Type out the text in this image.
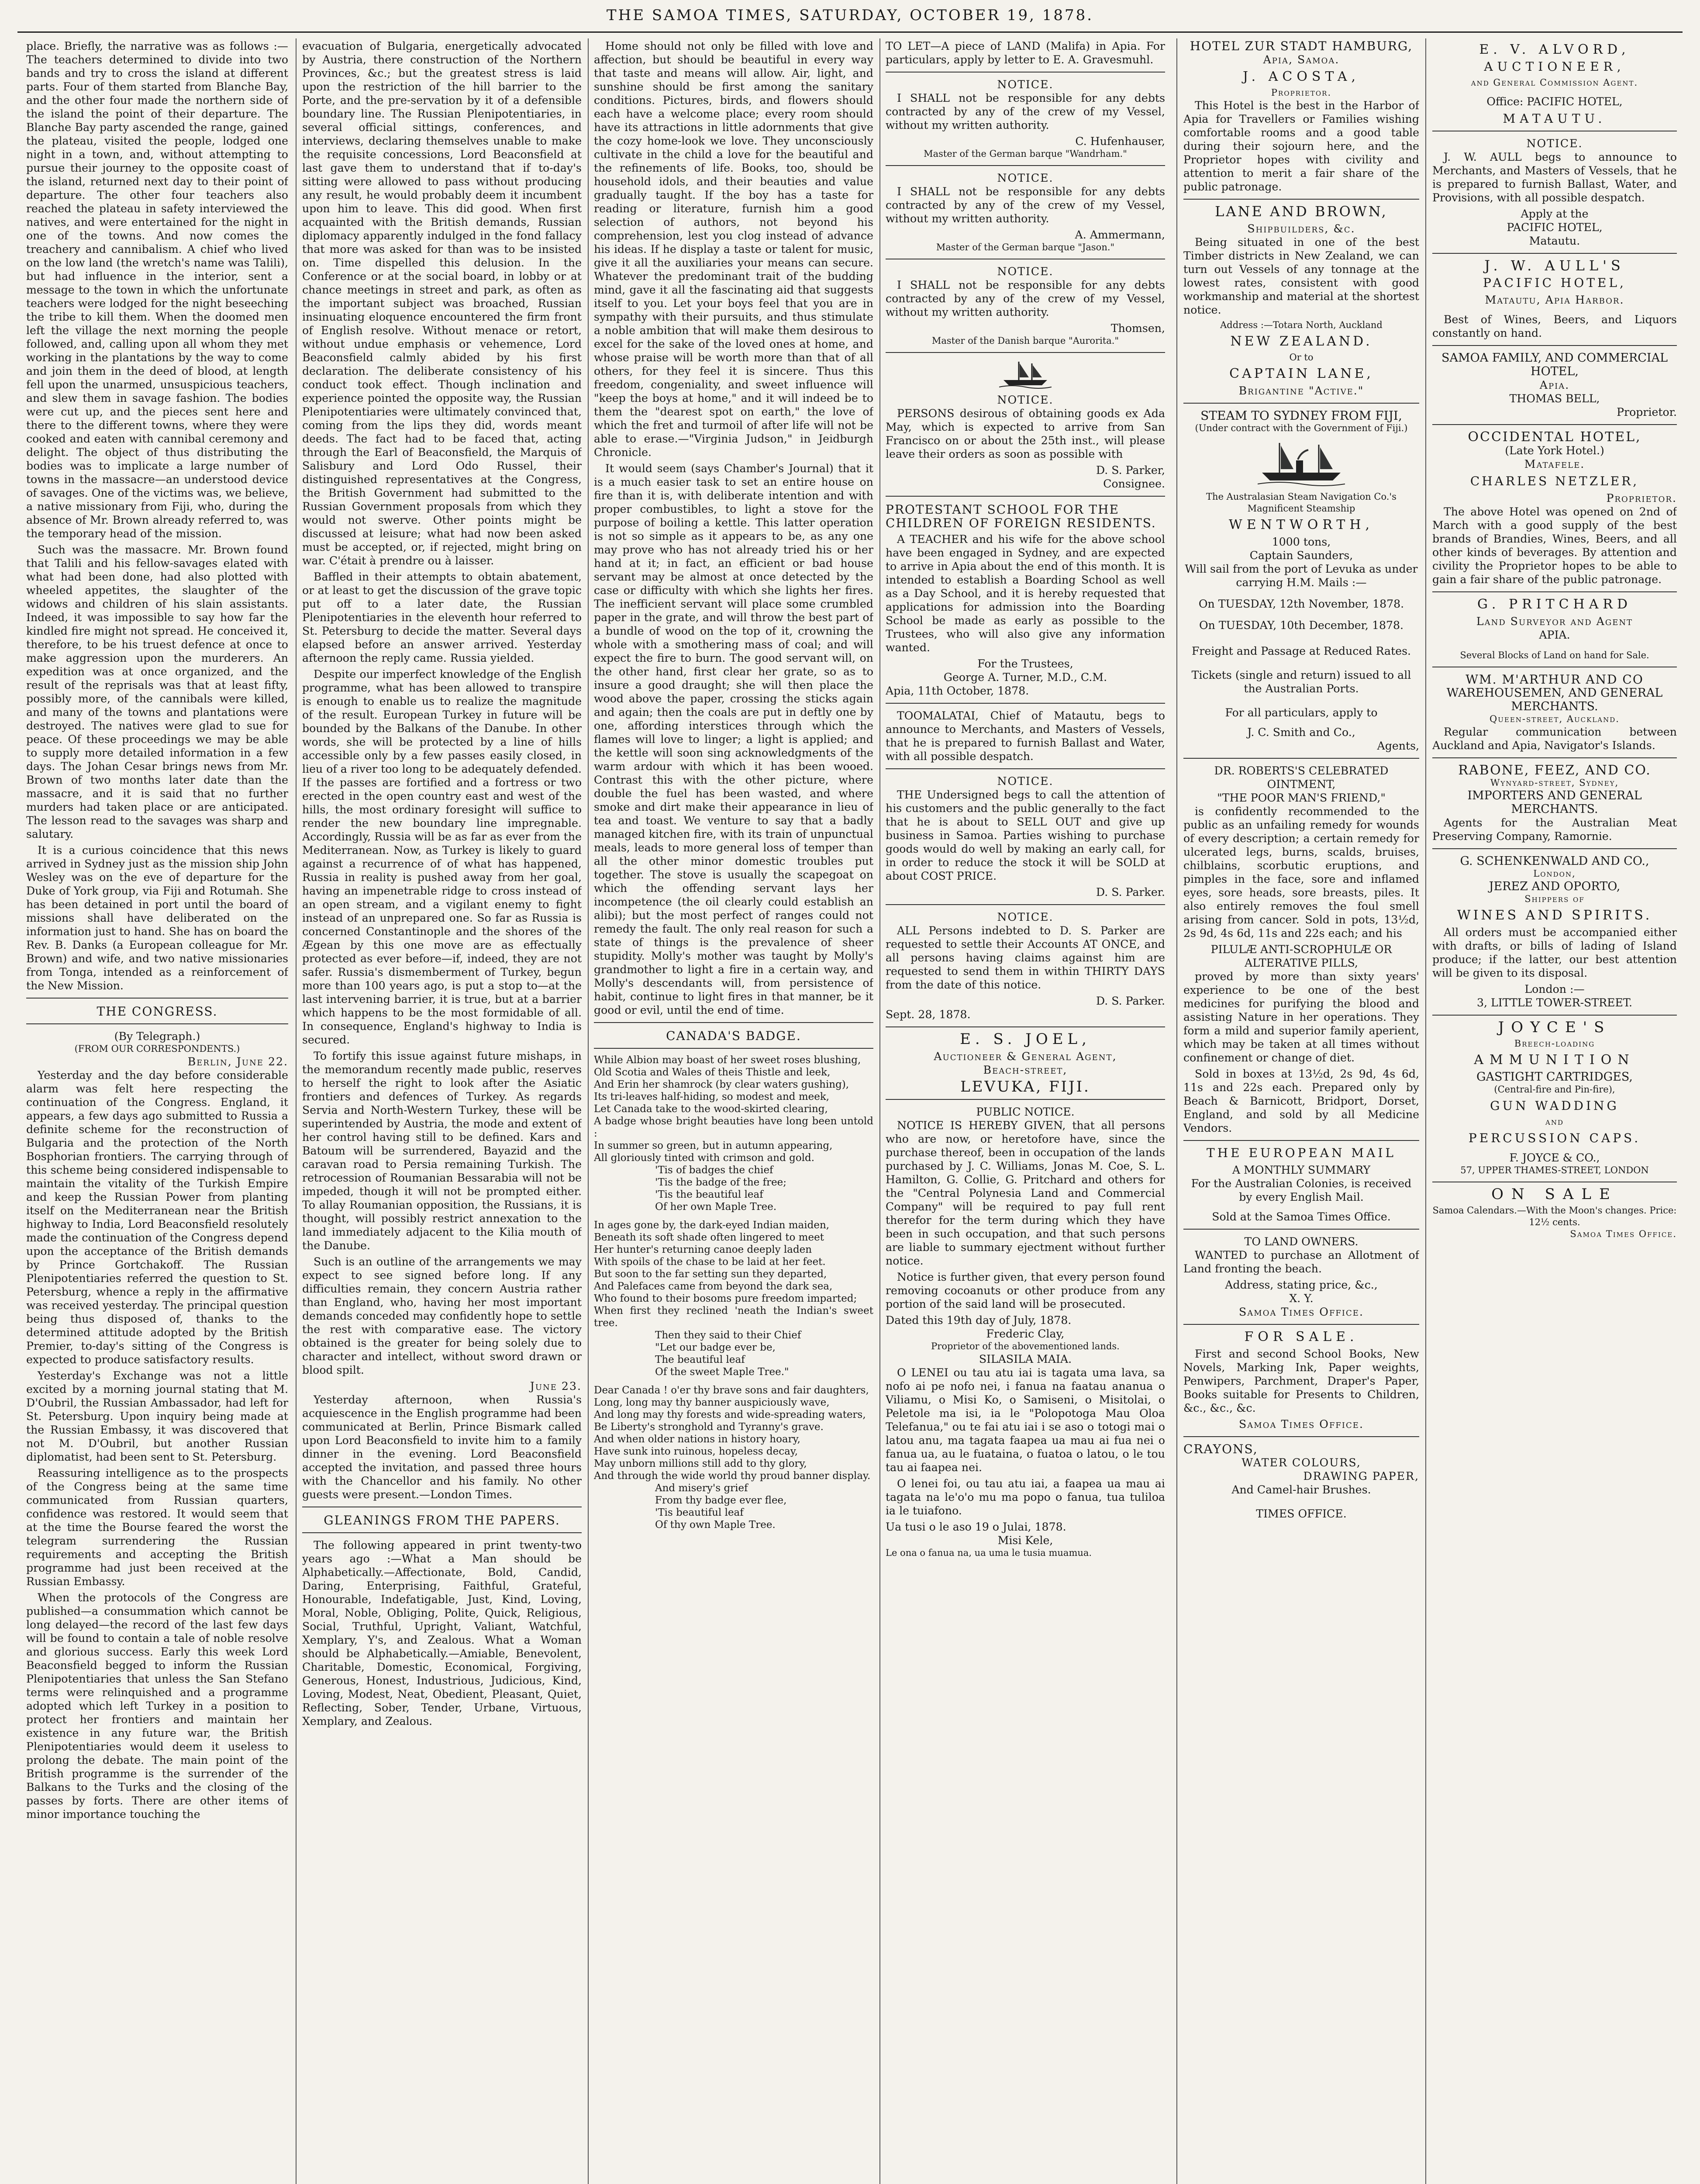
THE SAMOA TIMES, SATURDAY, OCTOBER 19, 1878.

place. Briefly, the narrative was as follows :—The teachers determined to divide into two bands and try to cross the island at different parts. Four of them started from Blanche Bay, and the other four made the northern side of the island the point of their departure. The Blanche Bay party ascended the range, gained the plateau, visited the people, lodged one night in a town, and, without attempting to pursue their journey to the opposite coast of the island, returned next day to their point of departure. The other four teachers also reached the plateau in safety interviewed the natives, and were entertained for the night in one of the towns. And now comes the treachery and cannibalism. A chief who lived on the low land (the wretch's name was Talili), but had influence in the interior, sent a message to the town in which the unfortunate teachers were lodged for the night beseeching the tribe to kill them. When the doomed men left the village the next morning the people followed, and, calling upon all whom they met working in the plantations by the way to come and join them in the deed of blood, at length fell upon the unarmed, unsuspicious teachers, and slew them in savage fashion. The bodies were cut up, and the pieces sent here and there to the different towns, where they were cooked and eaten with cannibal ceremony and delight. The object of thus distributing the bodies was to implicate a large number of towns in the massacre—an understood device of savages. One of the victims was, we believe, a native missionary from Fiji, who, during the absence of Mr. Brown already referred to, was the temporary head of the mission.

Such was the massacre. Mr. Brown found that Talili and his fellow-savages elated with what had been done, had also plotted with wheeled appetites, the slaughter of the widows and children of his slain assistants. Indeed, it was impossible to say how far the kindled fire might not spread. He conceived it, therefore, to be his truest defence at once to make aggression upon the murderers. An expedition was at once organized, and the result of the reprisals was that at least fifty, possibly more, of the cannibals were killed, and many of the towns and plantations were destroyed. The natives were glad to sue for peace. Of these proceedings we may be able to supply more detailed information in a few days. The Johan Cesar brings news from Mr. Brown of two months later date than the massacre, and it is said that no further murders had taken place or are anticipated. The lesson read to the savages was sharp and salutary.

It is a curious coincidence that this news arrived in Sydney just as the mission ship John Wesley was on the eve of departure for the Duke of York group, via Fiji and Rotumah. She has been detained in port until the board of missions shall have deliberated on the information just to hand. She has on board the Rev. B. Danks (a European colleague for Mr. Brown) and wife, and two native missionaries from Tonga, intended as a reinforcement of the New Mission.

THE CONGRESS.
(By Telegraph.)
(FROM OUR CORRESPONDENTS.)
Berlin, June 22.

Yesterday and the day before considerable alarm was felt here respecting the continuation of the Congress. England, it appears, a few days ago submitted to Russia a definite scheme for the reconstruction of Bulgaria and the protection of the North Bosphorian frontiers. The carrying through of this scheme being considered indispensable to maintain the vitality of the Turkish Empire and keep the Russian Power from planting itself on the Mediterranean near the British highway to India, Lord Beaconsfield resolutely made the continuation of the Congress depend upon the acceptance of the British demands by Prince Gortchakoff. The Russian Plenipotentiaries referred the question to St. Petersburg, whence a reply in the affirmative was received yesterday. The principal question being thus disposed of, thanks to the determined attitude adopted by the British Premier, to-day's sitting of the Congress is expected to produce satisfactory results.

Yesterday's Exchange was not a little excited by a morning journal stating that M. D'Oubril, the Russian Ambassador, had left for St. Petersburg. Upon inquiry being made at the Russian Embassy, it was discovered that not M. D'Oubril, but another Russian diplomatist, had been sent to St. Petersburg.

Reassuring intelligence as to the prospects of the Congress being at the same time communicated from Russian quarters, confidence was restored. It would seem that at the time the Bourse feared the worst the telegram surrendering the Russian requirements and accepting the British programme had just been received at the Russian Embassy.

When the protocols of the Congress are published—a consummation which cannot be long delayed—the record of the last few days will be found to contain a tale of noble resolve and glorious success. Early this week Lord Beaconsfield begged to inform the Russian Plenipotentiaries that unless the San Stefano terms were relinquished and a programme adopted which left Turkey in a position to protect her frontiers and maintain her existence in any future war, the British Plenipotentiaries would deem it useless to prolong the debate. The main point of the British programme is the surrender of the Balkans to the Turks and the closing of the passes by forts. There are other items of minor importance touching the

evacuation of Bulgaria, energetically advocated by Austria, there construction of the Northern Provinces, &c.; but the greatest stress is laid upon the restriction of the hill barrier to the Porte, and the pre-servation by it of a defensible boundary line. The Russian Plenipotentiaries, in several official sittings, conferences, and interviews, declaring themselves unable to make the requisite concessions, Lord Beaconsfield at last gave them to understand that if to-day's sitting were allowed to pass without producing any result, he would probably deem it incumbent upon him to leave. This did good. When first acquainted with the British demands, Russian diplomacy apparently indulged in the fond fallacy that more was asked for than was to be insisted on. Time dispelled this delusion. In the Conference or at the social board, in lobby or at chance meetings in street and park, as often as the important subject was broached, Russian insinuating eloquence encountered the firm front of English resolve. Without menace or retort, without undue emphasis or vehemence, Lord Beaconsfield calmly abided by his first declaration. The deliberate consistency of his conduct took effect. Though inclination and experience pointed the opposite way, the Russian Plenipotentiaries were ultimately convinced that, coming from the lips they did, words meant deeds. The fact had to be faced that, acting through the Earl of Beaconsfield, the Marquis of Salisbury and Lord Odo Russel, their distinguished representatives at the Congress, the British Government had submitted to the Russian Government proposals from which they would not swerve. Other points might be discussed at leisure; what had now been asked must be accepted, or, if rejected, might bring on war. C'était à prendre ou à laisser.

Baffled in their attempts to obtain abatement, or at least to get the discussion of the grave topic put off to a later date, the Russian Plenipotentiaries in the eleventh hour referred to St. Petersburg to decide the matter. Several days elapsed before an answer arrived. Yesterday afternoon the reply came. Russia yielded.

Despite our imperfect knowledge of the English programme, what has been allowed to transpire is enough to enable us to realize the magnitude of the result. European Turkey in future will be bounded by the Balkans of the Danube. In other words, she will be protected by a line of hills accessible only by a few passes easily closed, in lieu of a river too long to be adequately defended. If the passes are fortified and a fortress or two erected in the open country east and west of the hills, the most ordinary foresight will suffice to render the new boundary line impregnable. Accordingly, Russia will be as far as ever from the Mediterranean. Now, as Turkey is likely to guard against a recurrence of of what has happened, Russia in reality is pushed away from her goal, having an impenetrable ridge to cross instead of an open stream, and a vigilant enemy to fight instead of an unprepared one. So far as Russia is concerned Constantinople and the shores of the Ægean by this one move are as effectually protected as ever before—if, indeed, they are not safer. Russia's dismemberment of Turkey, begun more than 100 years ago, is put a stop to—at the last intervening barrier, it is true, but at a barrier which happens to be the most formidable of all. In consequence, England's highway to India is secured.

To fortify this issue against future mishaps, in the memorandum recently made public, reserves to herself the right to look after the Asiatic frontiers and defences of Turkey. As regards Servia and North-Western Turkey, these will be superintended by Austria, the mode and extent of her control having still to be defined. Kars and Batoum will be surrendered, Bayazid and the caravan road to Persia remaining Turkish. The retrocession of Roumanian Bessarabia will not be impeded, though it will not be prompted either. To allay Roumanian opposition, the Russians, it is thought, will possibly restrict annexation to the land immediately adjacent to the Kilia mouth of the Danube.

Such is an outline of the arrangements we may expect to see signed before long. If any difficulties remain, they concern Austria rather than England, who, having her most important demands conceded may confidently hope to settle the rest with comparative ease. The victory obtained is the greater for being solely due to character and intellect, without sword drawn or blood spilt.

June 23.

Yesterday afternoon, when Russia's acquiescence in the English programme had been communicated at Berlin, Prince Bismark called upon Lord Beaconsfield to invite him to a family dinner in the evening. Lord Beaconsfield accepted the invitation, and passed three hours with the Chancellor and his family. No other guests were present.—London Times.

GLEANINGS FROM THE PAPERS.

The following appeared in print twenty-two years ago :—What a Man should be Alphabetically.—Affectionate, Bold, Candid, Daring, Enterprising, Faithful, Grateful, Honourable, Indefatigable, Just, Kind, Loving, Moral, Noble, Obliging, Polite, Quick, Religious, Social, Truthful, Upright, Valiant, Watchful, Xemplary, Y's, and Zealous. What a Woman should be Alphabetically.—Amiable, Benevolent, Charitable, Domestic, Economical, Forgiving, Generous, Honest, Industrious, Judicious, Kind, Loving, Modest, Neat, Obedient, Pleasant, Quiet, Reflecting, Sober, Tender, Urbane, Virtuous, Xemplary, and Zealous.

Home should not only be filled with love and affection, but should be beautiful in every way that taste and means will allow. Air, light, and sunshine should be first among the sanitary conditions. Pictures, birds, and flowers should each have a welcome place; every room should have its attractions in little adornments that give the cozy home-look we love. They unconsciously cultivate in the child a love for the beautiful and the refinements of life. Books, too, should be household idols, and their beauties and value gradually taught. If the boy has a taste for reading or literature, furnish him a good selection of authors, not beyond his comprehension, lest you clog instead of advance his ideas. If he display a taste or talent for music, give it all the auxiliaries your means can secure. Whatever the predominant trait of the budding mind, gave it all the fascinating aid that suggests itself to you. Let your boys feel that you are in sympathy with their pursuits, and thus stimulate a noble ambition that will make them desirous to excel for the sake of the loved ones at home, and whose praise will be worth more than that of all others, for they feel it is sincere. Thus this freedom, congeniality, and sweet influence will "keep the boys at home," and it will indeed be to them the "dearest spot on earth," the love of which the fret and turmoil of after life will not be able to erase.—"Virginia Judson," in Jeidburgh Chronicle.

It would seem (says Chamber's Journal) that it is a much easier task to set an entire house on fire than it is, with deliberate intention and with proper combustibles, to light a stove for the purpose of boiling a kettle. This latter operation is not so simple as it appears to be, as any one may prove who has not already tried his or her hand at it; in fact, an efficient or bad house servant may be almost at once detected by the case or difficulty with which she lights her fires. The inefficient servant will place some crumbled paper in the grate, and will throw the best part of a bundle of wood on the top of it, crowning the whole with a smothering mass of coal; and will expect the fire to burn. The good servant will, on the other hand, first clear her grate, so as to insure a good draught; she will then place the wood above the paper, crossing the sticks again and again; then the coals are put in deftly one by one, affording interstices through which the flames will love to linger; a light is applied; and the kettle will soon sing acknowledgments of the warm ardour with which it has been wooed. Contrast this with the other picture, where double the fuel has been wasted, and where smoke and dirt make their appearance in lieu of tea and toast. We venture to say that a badly managed kitchen fire, with its train of unpunctual meals, leads to more general loss of temper than all the other minor domestic troubles put together. The stove is usually the scapegoat on which the offending servant lays her incompetence (the oil clearly could establish an alibi); but the most perfect of ranges could not remedy the fault. The only real reason for such a state of things is the prevalence of sheer stupidity. Molly's mother was taught by Molly's grandmother to light a fire in a certain way, and Molly's descendants will, from persistence of habit, continue to light fires in that manner, be it good or evil, until the end of time.

CANADA'S BADGE.
While Albion may boast of her sweet roses blushing,
Old Scotia and Wales of theis Thistle and leek,
And Erin her shamrock (by clear waters gushing),
Its tri-leaves half-hiding, so modest and meek,
Let Canada take to the wood-skirted clearing,
A badge whose bright beauties have long been untold :
In summer so green, but in autumn appearing,
All gloriously tinted with crimson and gold.
'Tis of badges the chief
'Tis the badge of the free;
'Tis the beautiful leaf
Of her own Maple Tree.
In ages gone by, the dark-eyed Indian maiden,
Beneath its soft shade often lingered to meet
Her hunter's returning canoe deeply laden
With spoils of the chase to be laid at her feet.
But soon to the far setting sun they departed,
And Palefaces came from beyond the dark sea,
Who found to their bosoms pure freedom imparted;
When first they reclined 'neath the Indian's sweet tree.
Then they said to their Chief
"Let our badge ever be,
The beautiful leaf
Of the sweet Maple Tree."
Dear Canada ! o'er thy brave sons and fair daughters,
Long, long may thy banner auspiciously wave,
And long may thy forests and wide-spreading waters,
Be Liberty's stronghold and Tyranny's grave.
And when older nations in history hoary,
Have sunk into ruinous, hopeless decay,
May unborn millions still add to thy glory,
And through the wide world thy proud banner display.
And misery's grief
From thy badge ever flee,
'Tis beautiful leaf
Of thy own Maple Tree.

TO LET—A piece of LAND (Malifa) in Apia. For particulars, apply by letter to E. A. Gravesmuhl.

NOTICE.

I SHALL not be responsible for any debts contracted by any of the crew of my Vessel, without my written authority.

C. Hufenhauser,
Master of the German barque "Wandrham."
NOTICE.

I SHALL not be responsible for any debts contracted by any of the crew of my Vessel, without my written authority.

A. Ammermann,
Master of the German barque "Jason."
NOTICE.

I SHALL not be responsible for any debts contracted by any of the crew of my Vessel, without my written authority.

Thomsen,
Master of the Danish barque "Aurorita."
NOTICE.

PERSONS desirous of obtaining goods ex Ada May, which is expected to arrive from San Francisco on or about the 25th inst., will please leave their orders as soon as possible with

D. S. Parker,
Consignee.
PROTESTANT SCHOOL FOR THE CHILDREN OF FOREIGN RESIDENTS.

A TEACHER and his wife for the above school have been engaged in Sydney, and are expected to arrive in Apia about the end of this month. It is intended to establish a Boarding School as well as a Day School, and it is hereby requested that applications for admission into the Boarding School be made as early as possible to the Trustees, who will also give any information wanted.

For the Trustees,
George A. Turner, M.D., C.M.
Apia, 11th October, 1878.

TOOMALATAI, Chief of Matautu, begs to announce to Merchants, and Masters of Vessels, that he is prepared to furnish Ballast and Water, with all possible despatch.

NOTICE.

THE Undersigned begs to call the attention of his customers and the public generally to the fact that he is about to SELL OUT and give up business in Samoa. Parties wishing to purchase goods would do well by making an early call, for in order to reduce the stock it will be SOLD at about COST PRICE.

D. S. Parker.
NOTICE.

ALL Persons indebted to D. S. Parker are requested to settle their Accounts AT ONCE, and all persons having claims against him are requested to send them in within THIRTY DAYS from the date of this notice.

D. S. Parker.
Sept. 28, 1878.
E. S. JOEL,
Auctioneer & General Agent,
Beach-street,
LEVUKA, FIJI.
PUBLIC NOTICE.

NOTICE IS HEREBY GIVEN, that all persons who are now, or heretofore have, since the purchase thereof, been in occupation of the lands purchased by J. C. Williams, Jonas M. Coe, S. L. Hamilton, G. Collie, G. Pritchard and others for the "Central Polynesia Land and Commercial Company" will be required to pay full rent therefor for the term during which they have been in such occupation, and that such persons are liable to summary ejectment without further notice.

Notice is further given, that every person found removing cocoanuts or other produce from any portion of the said land will be prosecuted.

Dated this 19th day of July, 1878.
Frederic Clay,
Proprietor of the abovementioned lands.
SILASILA MAIA.

O LENEI ou tau atu iai is tagata uma lava, sa nofo ai pe nofo nei, i fanua na faatau ananua o Viliamu, o Misi Ko, o Samiseni, o Misitolai, o Peletole ma isi, ia le "Polopotoga Mau Oloa Telefanua," ou te fai atu iai i se aso o totogi mai o latou anu, ma tagata faapea ua mau ai fua nei o fanua ua, au le fuataina, o fuatoa o latou, o le tou tau ai faapea nei.

O lenei foi, ou tau atu iai, a faapea ua mau ai tagata na le'o'o mu ma popo o fanua, tua tuliloa ia le tuiafono.

Ua tusi o le aso 19 o Julai, 1878.
Misi Kele,
Le ona o fanua na, ua uma le tusia muamua.
HOTEL ZUR STADT HAMBURG,
Apia, Samoa.
J. ACOSTA,
Proprietor.

This Hotel is the best in the Harbor of Apia for Travellers or Families wishing comfortable rooms and a good table during their sojourn here, and the Proprietor hopes with civility and attention to merit a fair share of the public patronage.

LANE AND BROWN,
Shipbuilders, &c.

Being situated in one of the best Timber districts in New Zealand, we can turn out Vessels of any tonnage at the lowest rates, consistent with good workmanship and material at the shortest notice.

Address :—Totara North, Auckland
NEW ZEALAND.
Or to
CAPTAIN LANE,
Brigantine "Active."
STEAM TO SYDNEY FROM FIJI,
(Under contract with the Government of Fiji.)
The Australasian Steam Navigation Co.'s Magnificent Steamship
WENTWORTH,
1000 tons,
Captain Saunders,
Will sail from the port of Levuka as under carrying H.M. Mails :—
On TUESDAY, 12th November, 1878.
On TUESDAY, 10th December, 1878.
Freight and Passage at Reduced Rates.
Tickets (single and return) issued to all the Australian Ports.
For all particulars, apply to
J. C. Smith and Co.,
Agents,
DR. ROBERTS'S CELEBRATED OINTMENT,
"THE POOR MAN'S FRIEND,"

is confidently recommended to the public as an unfailing remedy for wounds of every description; a certain remedy for ulcerated legs, burns, scalds, bruises, chilblains, scorbutic eruptions, and pimples in the face, sore and inflamed eyes, sore heads, sore breasts, piles. It also entirely removes the foul smell arising from cancer. Sold in pots, 13½d, 2s 9d, 4s 6d, 11s and 22s each; and his

PILULÆ ANTI-SCROPHULÆ OR ALTERATIVE PILLS,

proved by more than sixty years' experience to be one of the best medicines for purifying the blood and assisting Nature in her operations. They form a mild and superior family aperient, which may be taken at all times without confinement or change of diet.

Sold in boxes at 13½d, 2s 9d, 4s 6d, 11s and 22s each. Prepared only by Beach & Barnicott, Bridport, Dorset, England, and sold by all Medicine Vendors.

THE EUROPEAN MAIL
A MONTHLY SUMMARY
For the Australian Colonies, is received by every English Mail.
Sold at the Samoa Times Office.
TO LAND OWNERS.

WANTED to purchase an Allotment of Land fronting the beach.

Address, stating price, &c.,
X. Y.
Samoa Times Office.
FOR SALE.

First and second School Books, New Novels, Marking Ink, Paper weights, Penwipers, Parchment, Draper's Paper, Books suitable for Presents to Children, &c., &c., &c.

Samoa Times Office.
CRAYONS,
WATER COLOURS,
DRAWING PAPER,
And Camel-hair Brushes.
TIMES OFFICE.
E. V. ALVORD,
AUCTIONEER,
and General Commission Agent.
Office: PACIFIC HOTEL,
MATAUTU.
NOTICE.

J. W. AULL begs to announce to Merchants, and Masters of Vessels, that he is prepared to furnish Ballast, Water, and Provisions, with all possible despatch.

Apply at the
PACIFIC HOTEL,
Matautu.
J. W. AULL'S
PACIFIC HOTEL,
Matautu, Apia Harbor.

Best of Wines, Beers, and Liquors constantly on hand.

SAMOA FAMILY, AND COMMERCIAL HOTEL,
Apia.
THOMAS BELL,
Proprietor.
OCCIDENTAL HOTEL,
(Late York Hotel.)
Matafele.
CHARLES NETZLER,
Proprietor.

The above Hotel was opened on 2nd of March with a good supply of the best brands of Brandies, Wines, Beers, and all other kinds of beverages. By attention and civility the Proprietor hopes to be able to gain a fair share of the public patronage.

G. PRITCHARD
Land Surveyor and Agent
APIA.
Several Blocks of Land on hand for Sale.
WM. M'ARTHUR AND CO
WAREHOUSEMEN, AND GENERAL MERCHANTS.
Queen-street, Auckland.

Regular communication between Auckland and Apia, Navigator's Islands.

RABONE, FEEZ, AND CO.
Wynyard-street, Sydney,
IMPORTERS AND GENERAL MERCHANTS.

Agents for the Australian Meat Preserving Company, Ramornie.

G. SCHENKENWALD AND CO.,
London,
JEREZ AND OPORTO,
Shippers of
WINES AND SPIRITS.

All orders must be accompanied either with drafts, or bills of lading of Island produce; if the latter, our best attention will be given to its disposal.

London :—
3, LITTLE TOWER-STREET.
JOYCE'S
Breech-loading
AMMUNITION
GASTIGHT CARTRIDGES,
(Central-fire and Pin-fire),
GUN WADDING
and
PERCUSSION CAPS.
F. JOYCE & CO.,
57, UPPER THAMES-STREET, LONDON
ON SALE
Samoa Calendars.—With the Moon's changes. Price: 12½ cents.
Samoa Times Office.
